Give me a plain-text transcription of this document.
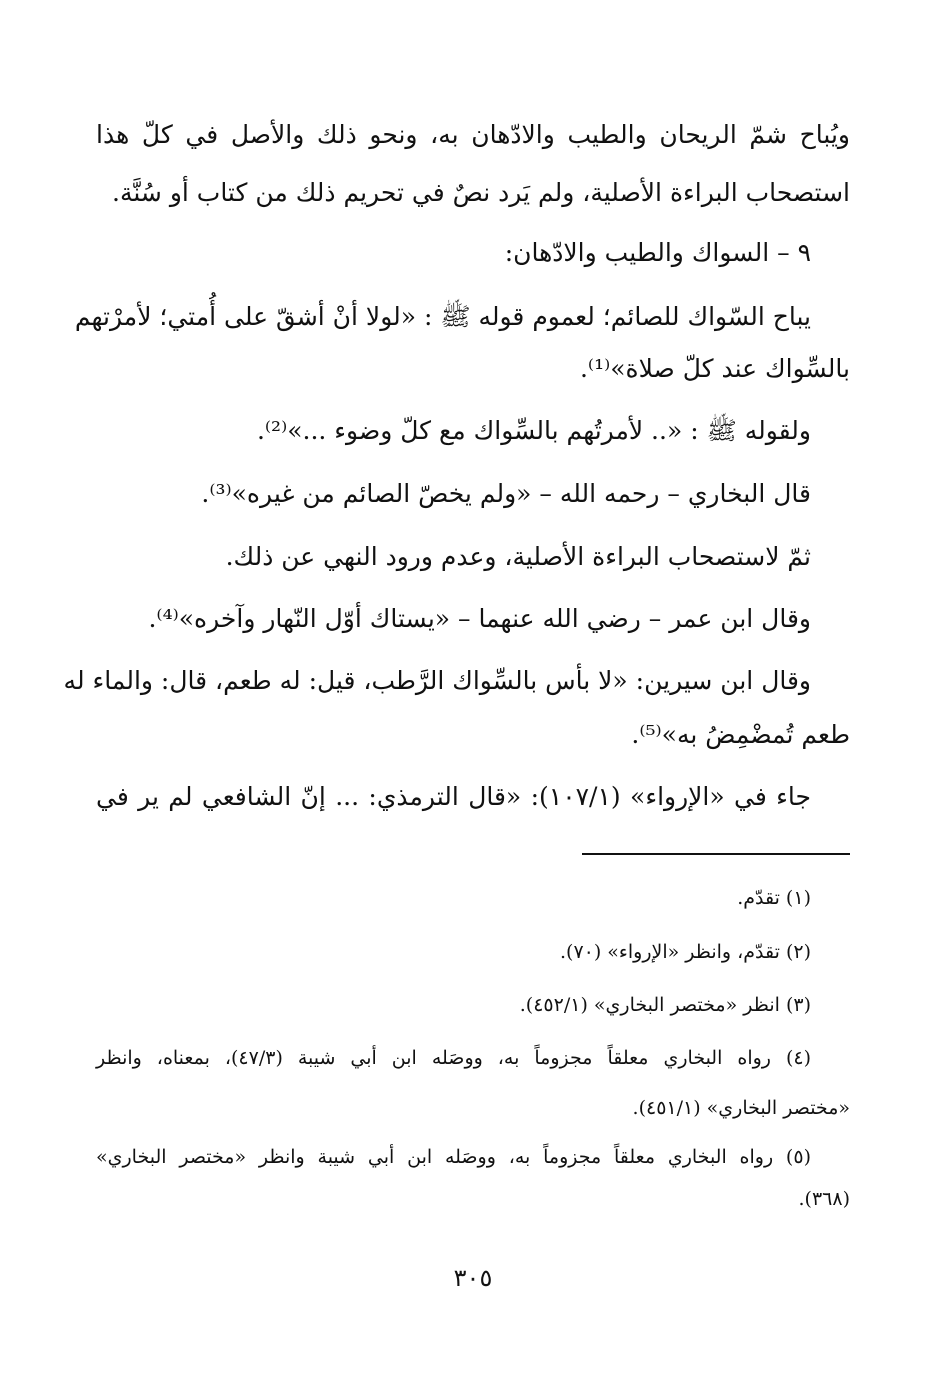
ويُباح شمّ الريحان والطيب والادّهان به، ونحو ذلك والأصل في كلّ هذا
استصحاب البراءة الأصلية، ولم يَرد نصٌ في تحريم ذلك من كتاب أو سُنَّة.
٩ – السواك والطيب والادّهان:
يباح السّواك للصائم؛ لعموم قوله ﷺ : «لولا أنْ أشقّ على أُمتي؛ لأمرْتهم
بالسِّواك عند كلّ صلاة»⁽¹⁾.
ولقوله ﷺ : «.. لأمرتُهم بالسِّواك مع كلّ وضوء ...»⁽²⁾.
قال البخاري – رحمه الله – «ولم يخصّ الصائم من غيره»⁽³⁾.
ثمّ لاستصحاب البراءة الأصلية، وعدم ورود النهي عن ذلك.
وقال ابن عمر – رضي الله عنهما – «يستاك أوّل النّهار وآخره»⁽⁴⁾.
وقال ابن سيرين: «لا بأس بالسِّواك الرَّطب، قيل: له طعم، قال: والماء له
طعم تُمضْمِضُ به»⁽⁵⁾.
جاء في «الإرواء» (١٠٧/١): «قال الترمذي: ... إنّ الشافعي لم ير في
(١) تقدّم.
(٢) تقدّم، وانظر «الإرواء» (٧٠).
(٣) انظر «مختصر البخاري» (٤٥٢/١).
(٤) رواه البخاري معلقاً مجزوماً به، ووصَله ابن أبي شيبة (٤٧/٣)، بمعناه، وانظر
«مختصر البخاري» (٤٥١/١).
(٥) رواه البخاري معلقاً مجزوماً به، ووصَله ابن أبي شيبة وانظر «مختصر البخاري»
(٣٦٨).
٣٠٥
